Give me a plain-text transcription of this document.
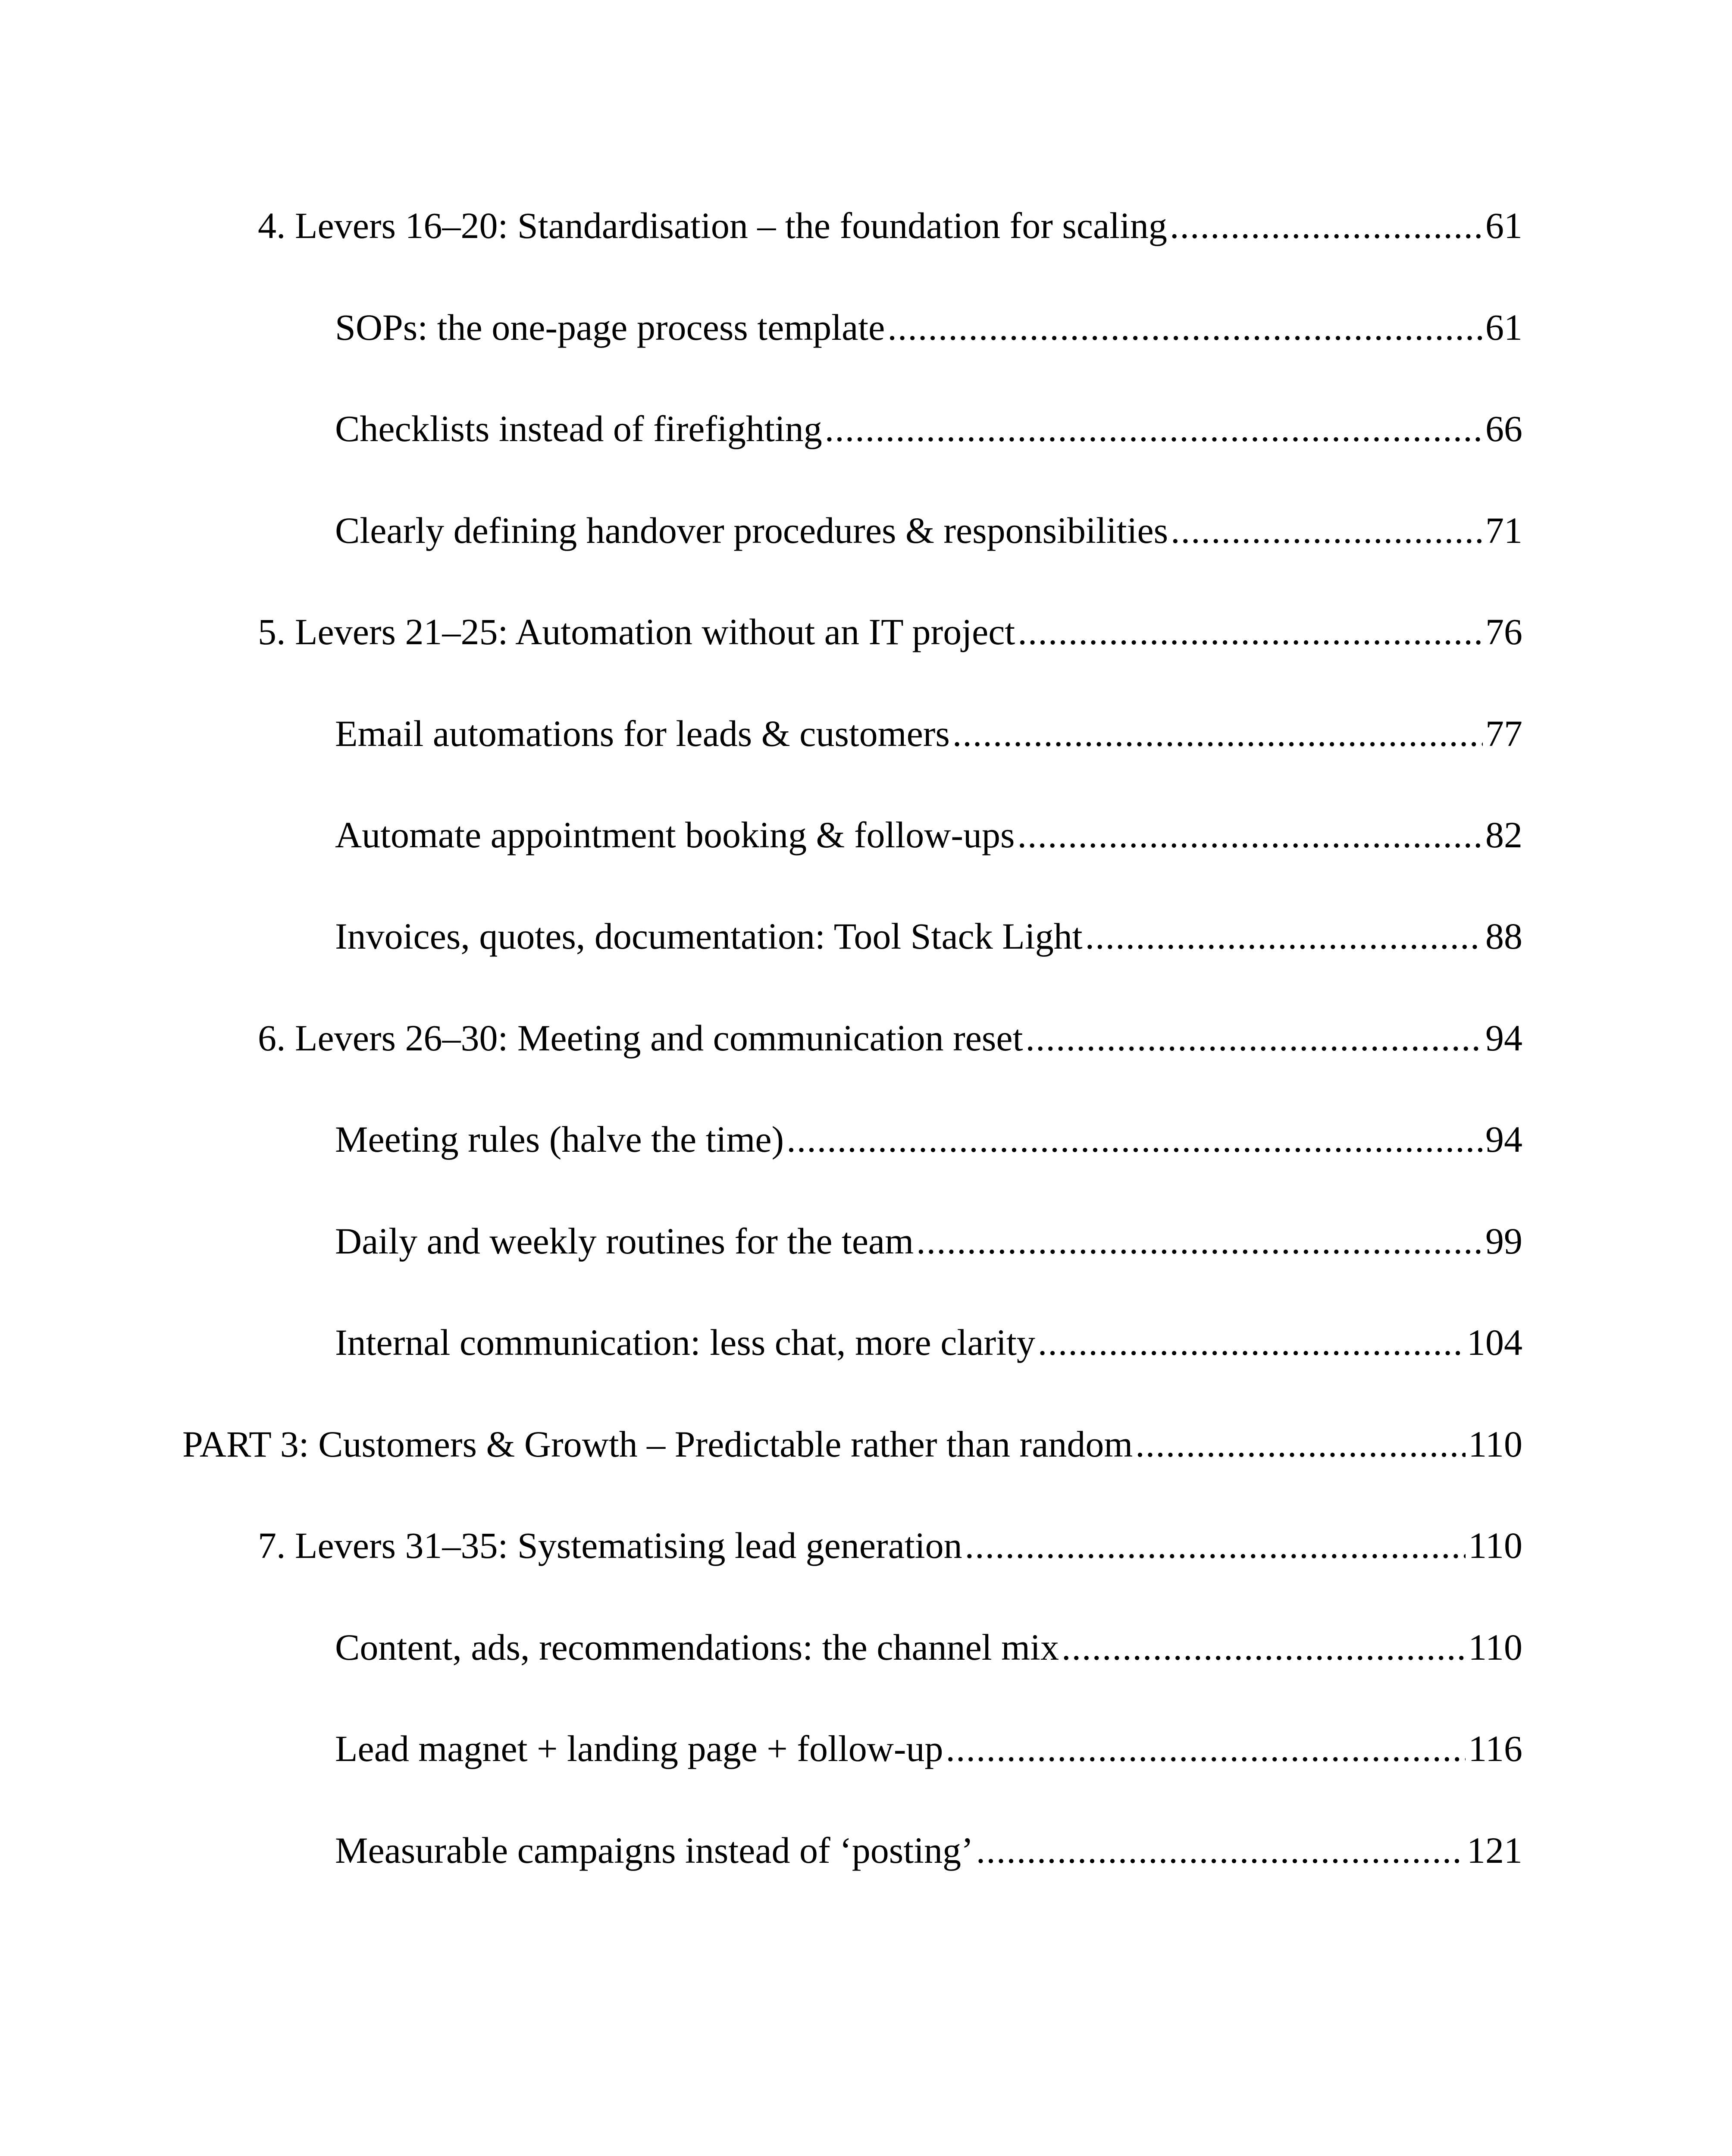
4. Levers 16–20: Standardisation – the foundation for scaling .....	61
SOPs: the one-page process template .....	61
Checklists instead of firefighting .....	66
Clearly defining handover procedures & responsibilities .....	71
5. Levers 21–25: Automation without an IT project .....	76
Email automations for leads & customers .....	77
Automate appointment booking & follow-ups .....	82
Invoices, quotes, documentation: Tool Stack Light .....	88
6. Levers 26–30: Meeting and communication reset .....	94
Meeting rules (halve the time) .....	94
Daily and weekly routines for the team .....	99
Internal communication: less chat, more clarity .....	104
PART 3: Customers & Growth – Predictable rather than random .....	110
7. Levers 31–35: Systematising lead generation .....	110
Content, ads, recommendations: the channel mix .....	110
Lead magnet + landing page + follow-up .....	116
Measurable campaigns instead of ‘posting’ .....	121
